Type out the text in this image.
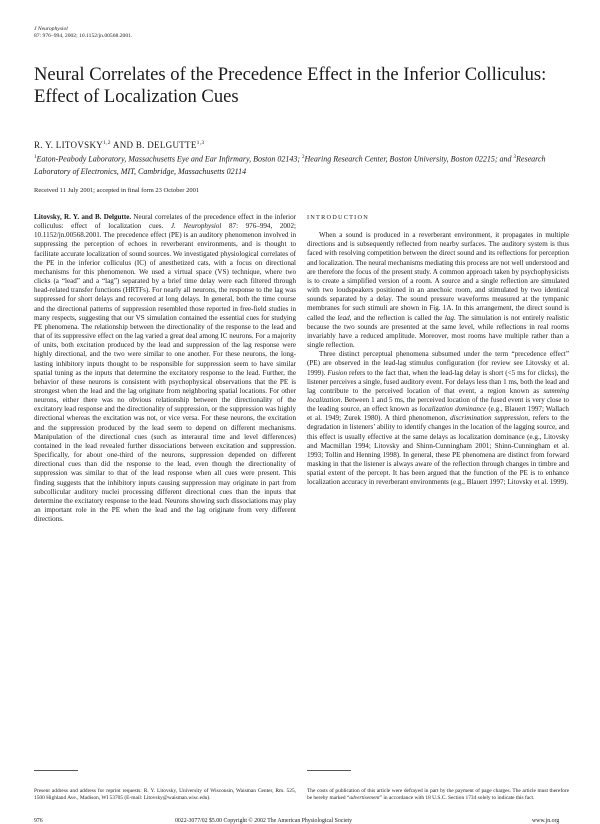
J Neurophysiol
87: 976–994, 2002; 10.1152/jn.00568.2001.
Neural Correlates of the Precedence Effect in the Inferior Colliculus: Effect of Localization Cues
R. Y. LITOVSKY$^{1,2}$ AND B. DELGUTTE$^{1,3}$
$^1$Eaton-Peabody Laboratory, Massachusetts Eye and Ear Infirmary, Boston 02143; $^2$Hearing Research Center, Boston University, Boston 02215; and $^3$Research Laboratory of Electronics, MIT, Cambridge, Massachusetts 02114
Received 11 July 2001; accepted in final form 23 October 2001

Litovsky, R. Y. and B. Delgutte. Neural correlates of the precedence effect in the inferior colliculus: effect of localization cues. J. Neurophysiol 87: 976–994, 2002; 10.1152/jn.00568.2001. The precedence effect (PE) is an auditory phenomenon involved in suppressing the perception of echoes in reverberant environments, and is thought to facilitate accurate localization of sound sources. We investigated physiological correlates of the PE in the inferior colliculus (IC) of anesthetized cats, with a focus on directional mechanisms for this phenomenon. We used a virtual space (VS) technique, where two clicks (a “lead” and a “lag”) separated by a brief time delay were each filtered through head-related transfer functions (HRTFs). For nearly all neurons, the response to the lag was suppressed for short delays and recovered at long delays. In general, both the time course and the directional patterns of suppression resembled those reported in free-field studies in many respects, suggesting that our VS simulation contained the essential cues for studying PE phenomena. The relationship between the directionality of the response to the lead and that of its suppressive effect on the lag varied a great deal among IC neurons. For a majority of units, both excitation produced by the lead and suppression of the lag response were highly directional, and the two were similar to one another. For these neurons, the long-lasting inhibitory inputs thought to be responsible for suppression seem to have similar spatial tuning as the inputs that determine the excitatory response to the lead. Further, the behavior of these neurons is consistent with psychophysical observations that the PE is strongest when the lead and the lag originate from neighboring spatial locations. For other neurons, either there was no obvious relationship between the directionality of the excitatory lead response and the directionality of suppression, or the suppression was highly directional whereas the excitation was not, or vice versa. For these neurons, the excitation and the suppression produced by the lead seem to depend on different mechanisms. Manipulation of the directional cues (such as interaural time and level differences) contained in the lead revealed further dissociations between excitation and suppression. Specifically, for about one-third of the neurons, suppression depended on different directional cues than did the response to the lead, even though the directionality of suppression was similar to that of the lead response when all cues were present. This finding suggests that the inhibitory inputs causing suppression may originate in part from subcollicular auditory nuclei processing different directional cues than the inputs that determine the excitatory response to the lead. Neurons showing such dissociations may play an important role in the PE when the lead and the lag originate from very different directions.

INTRODUCTION

When a sound is produced in a reverberant environment, it propagates in multiple directions and is subsequently reflected from nearby surfaces. The auditory system is thus faced with resolving competition between the direct sound and its reflections for perception and localization. The neural mechanisms mediating this process are not well understood and are therefore the focus of the present study. A common approach taken by psychophysicists is to create a simplified version of a room. A source and a single reflection are simulated with two loudspeakers positioned in an anechoic room, and stimulated by two identical sounds separated by a delay. The sound pressure waveforms measured at the tympanic membranes for such stimuli are shown in Fig. 1A. In this arrangement, the direct sound is called the lead, and the reflection is called the lag. The simulation is not entirely realistic because the two sounds are presented at the same level, while reflections in real rooms invariably have a reduced amplitude. Moreover, most rooms have multiple rather than a single reflection.

Three distinct perceptual phenomena subsumed under the term “precedence effect” (PE) are observed in the lead-lag stimulus configuration (for review see Litovsky et al. 1999). Fusion refers to the fact that, when the lead-lag delay is short (<5 ms for clicks), the listener perceives a single, fused auditory event. For delays less than 1 ms, both the lead and lag contribute to the perceived location of that event, a region known as summing localization. Between 1 and 5 ms, the perceived location of the fused event is very close to the leading source, an effect known as localization dominance (e.g., Blauert 1997; Wallach et al. 1949; Zurek 1980). A third phenomenon, discrimination suppression, refers to the degradation in listeners’ ability to identify changes in the location of the lagging source, and this effect is usually effective at the same delays as localization dominance (e.g., Litovsky and Macmillan 1994; Litovsky and Shinn-Cunningham 2001; Shinn-Cunningham et al. 1993; Tollin and Henning 1998). In general, these PE phenomena are distinct from forward masking in that the listener is always aware of the reflection through changes in timbre and spatial extent of the percept. It has been argued that the function of the PE is to enhance localization accuracy in reverberant environments (e.g., Blauert 1997; Litovsky et al. 1999).

Present address and address for reprint requests: R. Y. Litovsky, University of Wisconsin, Waisman Center, Rm. 525, 1500 Highland Ave., Madison, WI 53705 (E-mail: Litovsky@waisman.wisc.edu).
The costs of publication of this article were defrayed in part by the payment of page charges. The article must therefore be hereby marked “advertisement” in accordance with 18 U.S.C. Section 1734 solely to indicate this fact.
976	0022-3077/02 $5.00 Copyright © 2002 The American Physiological Society	www.jn.org
